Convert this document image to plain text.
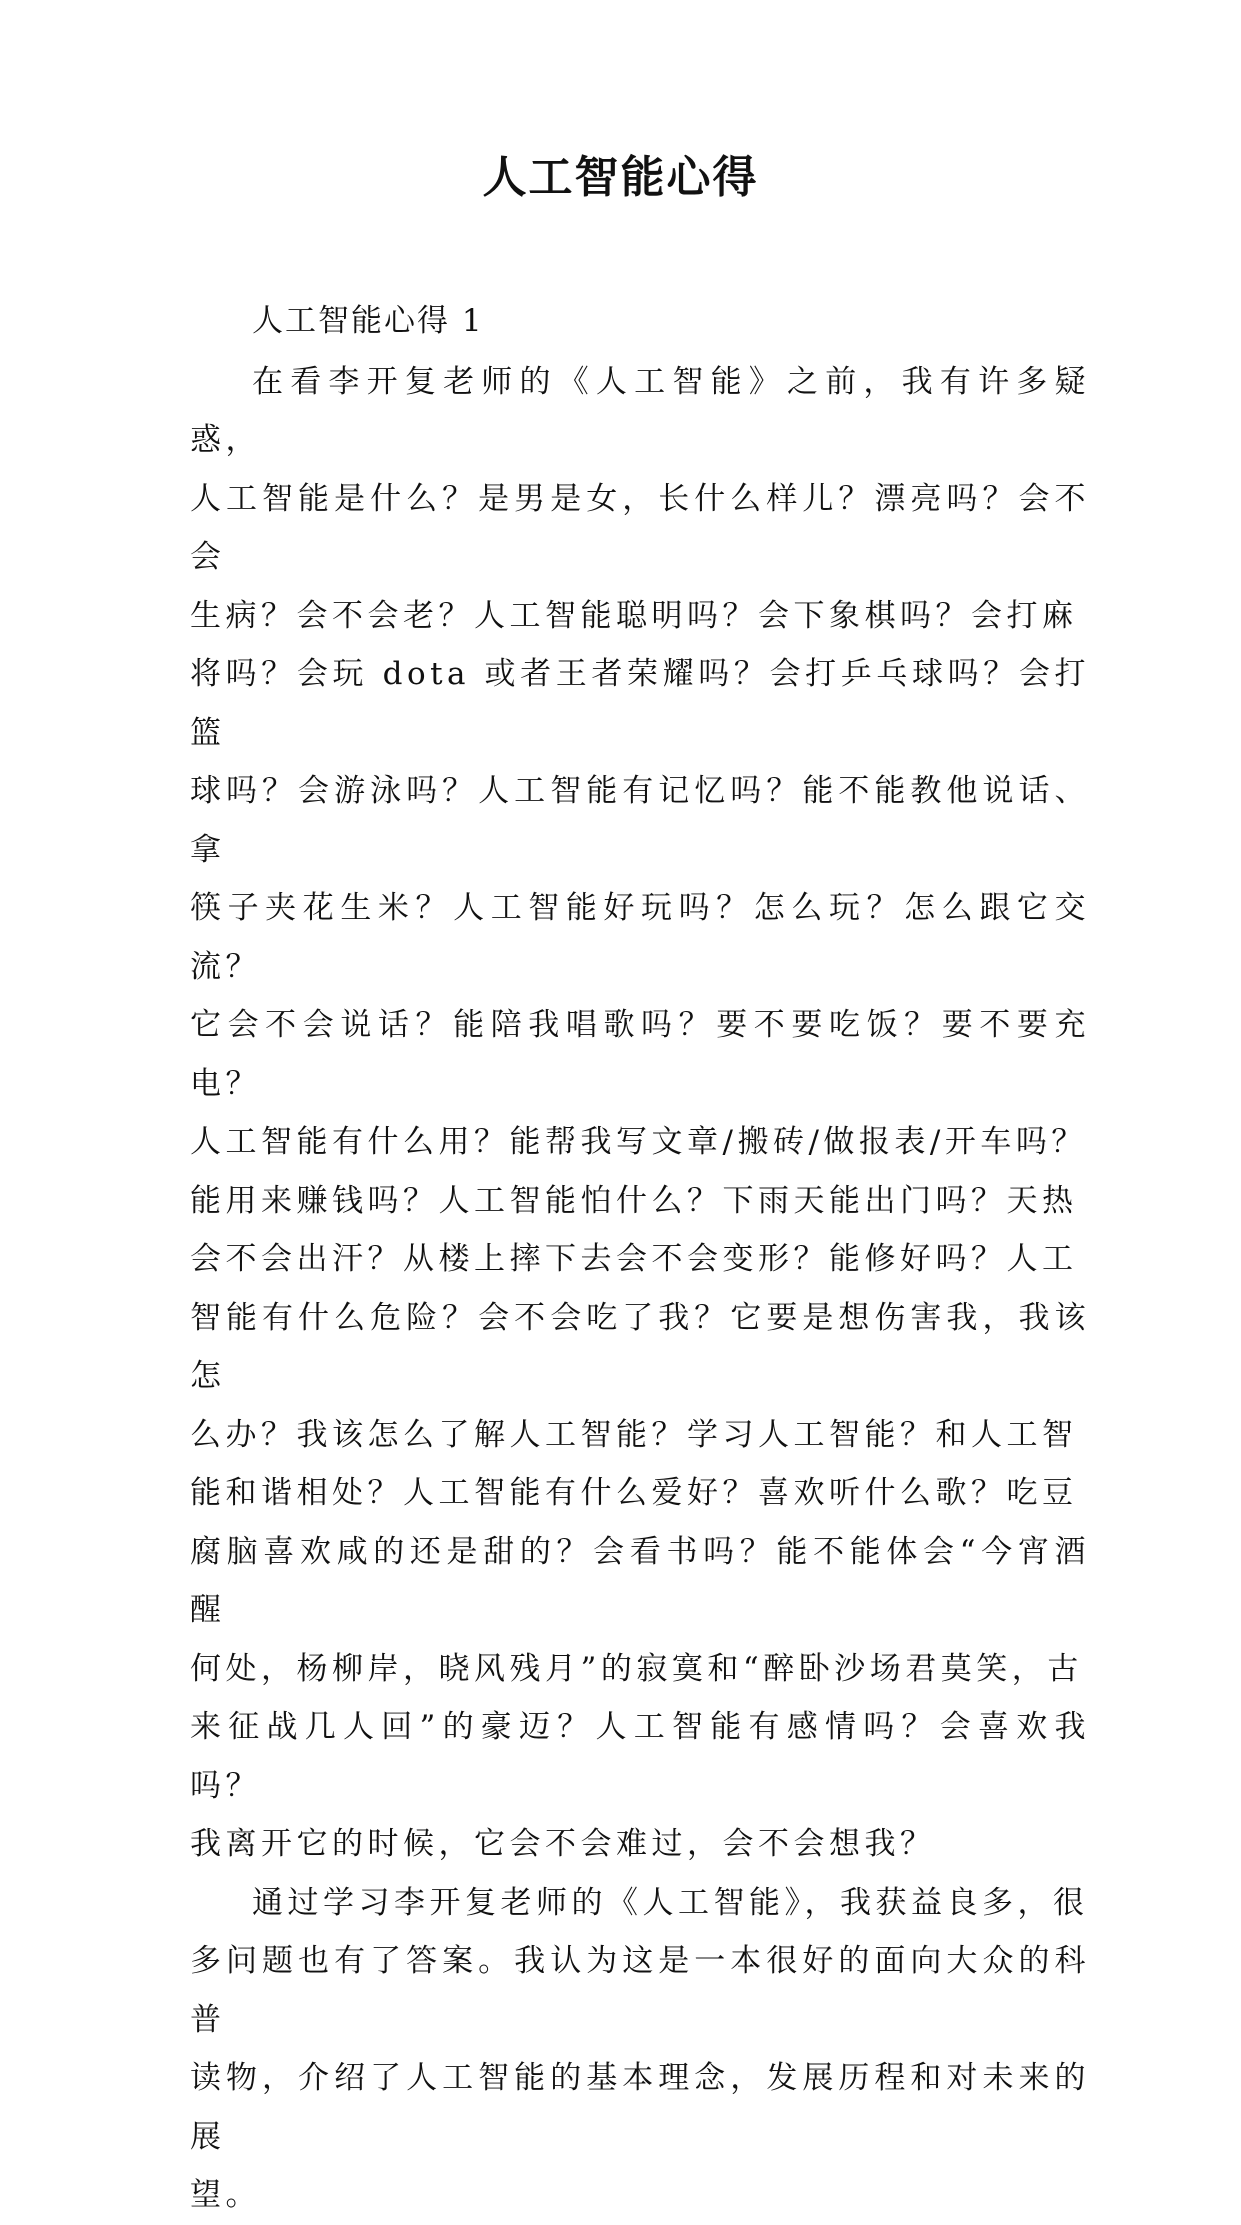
人工智能心得
人工智能心得 1

在看李开复老师的《人工智能》之前，我有许多疑惑，
人工智能是什么？是男是女，长什么样儿？漂亮吗？会不会
生病？会不会老？人工智能聪明吗？会下象棋吗？会打麻
将吗？会玩 dota 或者王者荣耀吗？会打乒乓球吗？会打篮
球吗？会游泳吗？人工智能有记忆吗？能不能教他说话、拿
筷子夹花生米？人工智能好玩吗？怎么玩？怎么跟它交流？
它会不会说话？能陪我唱歌吗？要不要吃饭？要不要充电？
人工智能有什么用？能帮我写文章/搬砖/做报表/开车吗？
能用来赚钱吗？人工智能怕什么？下雨天能出门吗？天热
会不会出汗？从楼上摔下去会不会变形？能修好吗？人工
智能有什么危险？会不会吃了我？它要是想伤害我，我该怎
么办？我该怎么了解人工智能？学习人工智能？和人工智
能和谐相处？人工智能有什么爱好？喜欢听什么歌？吃豆
腐脑喜欢咸的还是甜的？会看书吗？能不能体会“今宵酒醒
何处，杨柳岸，晓风残月”的寂寞和“醉卧沙场君莫笑，古
来征战几人回”的豪迈？人工智能有感情吗？会喜欢我吗？
我离开它的时候，它会不会难过，会不会想我？

通过学习李开复老师的《人工智能》，我获益良多，很
多问题也有了答案。我认为这是一本很好的面向大众的科普
读物，介绍了人工智能的基本理念，发展历程和对未来的展
望。
